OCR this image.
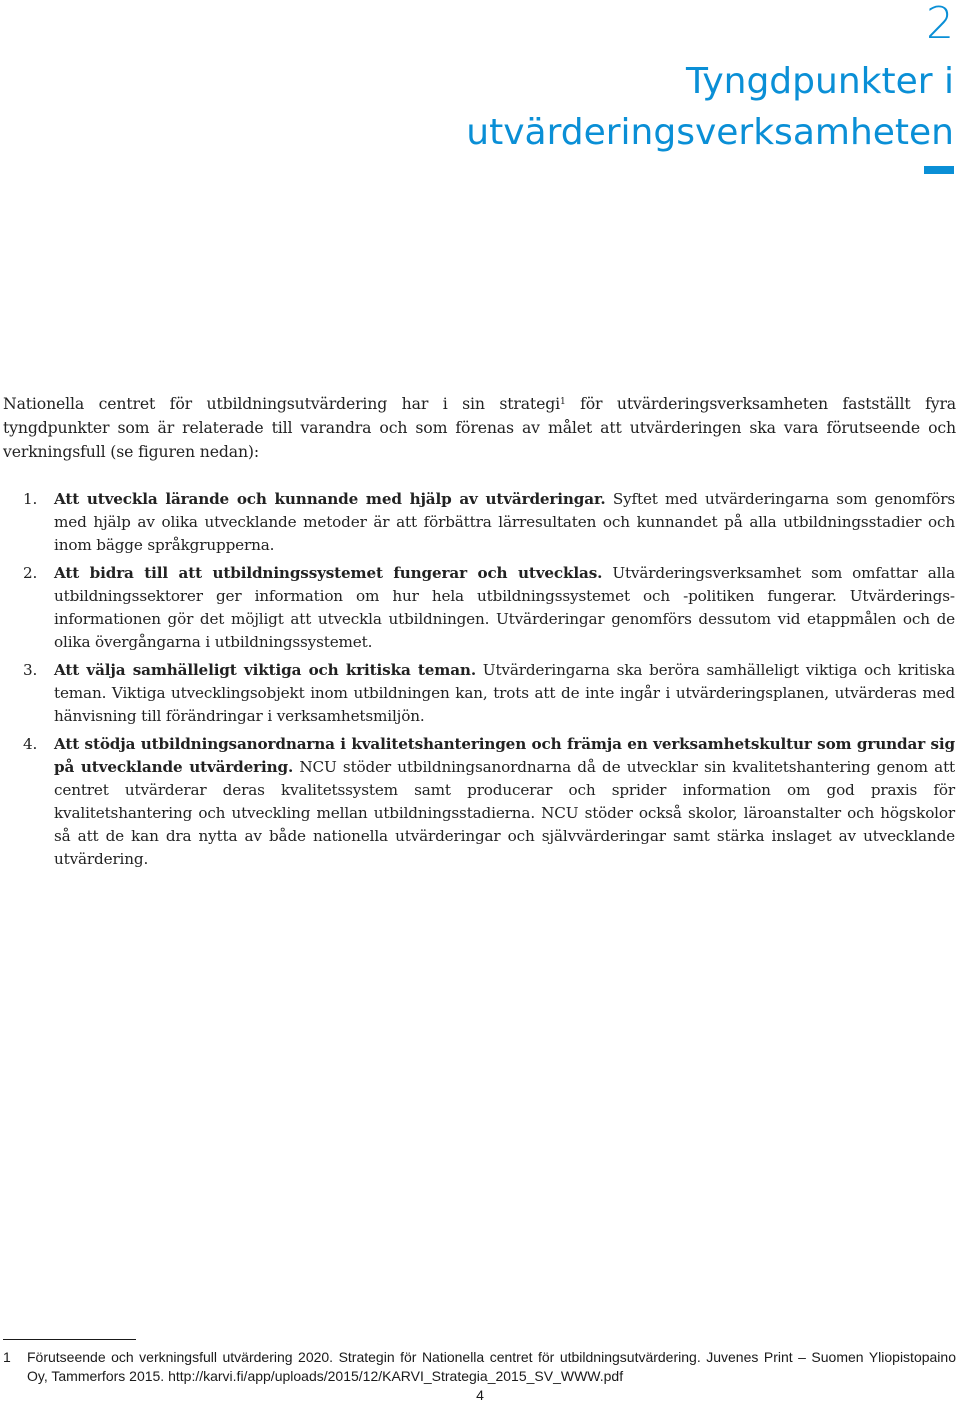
2
Tyngdpunkter i
utvärderingsverksamheten

Nationella centret för utbildningsutvärdering har i sin strategi$^1$ för utvärderingsverksamheten fastställt fyra tyngdpunkter som är relaterade till varandra och som förenas av målet att utvärderingen ska vara förutseende och verkningsfull (se figuren nedan):

1.	Att utveckla lärande och kunnande med hjälp av utvärderingar. Syftet med utvärderingarna som genomförs med hjälp av olika utvecklande metoder är att förbättra lärresultaten och kunnandet på alla utbildningsstadier och inom bägge språkgrupperna.
2.	Att bidra till att utbildningssystemet fungerar och utvecklas. Utvärderingsverksamhet som omfattar alla utbildningssektorer ger information om hur hela utbildningssystemet och -politiken fungerar. Utvärderingsinformationen gör det möjligt att utveckla utbildningen. Utvärderingar genomförs dessutom vid etappmålen och de olika övergångarna i utbildningssystemet.
3.	Att välja samhälleligt viktiga och kritiska teman. Utvärderingarna ska beröra samhälleligt viktiga och kritiska teman. Viktiga utvecklingsobjekt inom utbildningen kan, trots att de inte ingår i utvärderingsplanen, utvärderas med hänvisning till förändringar i verksamhetsmiljön.
4.	Att stödja utbildningsanordnarna i kvalitetshanteringen och främja en verksamhetskultur som grundar sig på utvecklande utvärdering. NCU stöder utbildningsanordnarna då de utvecklar sin kvalitetshantering genom att centret utvärderar deras kvalitetssystem samt producerar och sprider information om god praxis för kvalitetshantering och utveckling mellan utbildningsstadierna. NCU stöder också skolor, läroanstalter och högskolor så att de kan dra nytta av både nationella utvärderingar och självvärderingar samt stärka inslaget av utvecklande utvärdering.
1	Förutseende och verkningsfull utvärdering 2020. Strategin för Nationella centret för utbildningsutvärdering. Juvenes Print – Suomen Yliopistopaino Oy, Tammerfors 2015. http://karvi.fi/app/uploads/2015/12/KARVI_Strategia_2015_SV_WWW.pdf
4
